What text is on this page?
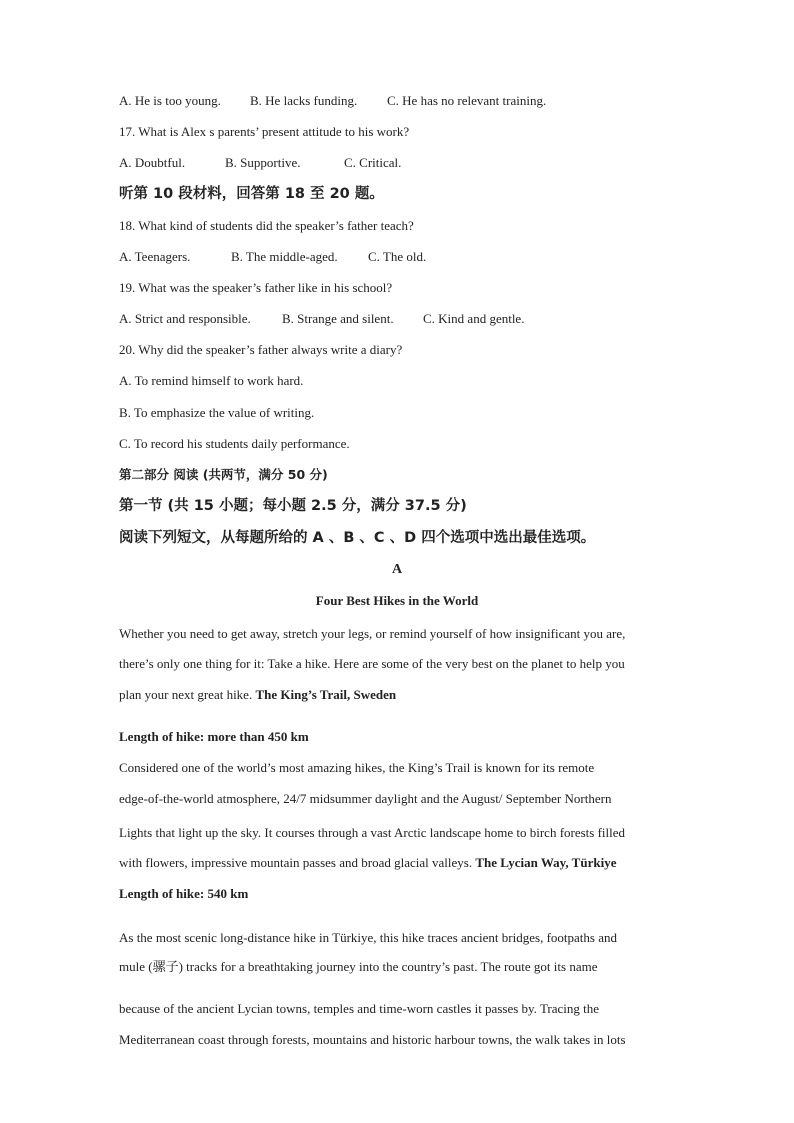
A. He is too young. B. He lacks funding. C. He has no relevant training.
17. What is Alex s parents’ present attitude to his work?
A. Doubtful.	B. Supportive.	C. Critical.
听第 10 段材料，回答第 18 至 20 题。
18. What kind of students did the speaker’s father teach?
A. Teenagers.	B. The middle-aged. C. The old.
19. What was the speaker’s father like in his school?
A. Strict and responsible. B. Strange and silent. C. Kind and gentle.
20. Why did the speaker’s father always write a diary?
A. To remind himself to work hard.
B. To emphasize the value of writing.
C. To record his students daily performance.
第二部分 阅读 (共两节，满分 50 分)
第一节 (共 15 小题；每小题 2.5 分，满分 37.5 分)
阅读下列短文，从每题所给的 A 、B 、C 、D 四个选项中选出最佳选项。
A
Four Best Hikes in the World
Whether you need to get away, stretch your legs, or remind yourself of how insignificant you are,
there’s only one thing for it: Take a hike. Here are some of the very best on the planet to help you
plan your next great hike. The King’s Trail, Sweden
Length of hike: more than 450 km
Considered one of the world’s most amazing hikes, the King’s Trail is known for its remote
edge-of-the-world atmosphere, 24/7 midsummer daylight and the August/ September Northern
Lights that light up the sky. It courses through a vast Arctic landscape home to birch forests filled
with flowers, impressive mountain passes and broad glacial valleys. The Lycian Way, Türkiye
Length of hike: 540 km
As the most scenic long-distance hike in Türkiye, this hike traces ancient bridges, footpaths and
mule (骡子) tracks for a breathtaking journey into the country’s past. The route got its name
because of the ancient Lycian towns, temples and time-worn castles it passes by. Tracing the
Mediterranean coast through forests, mountains and historic harbour towns, the walk takes in lots
